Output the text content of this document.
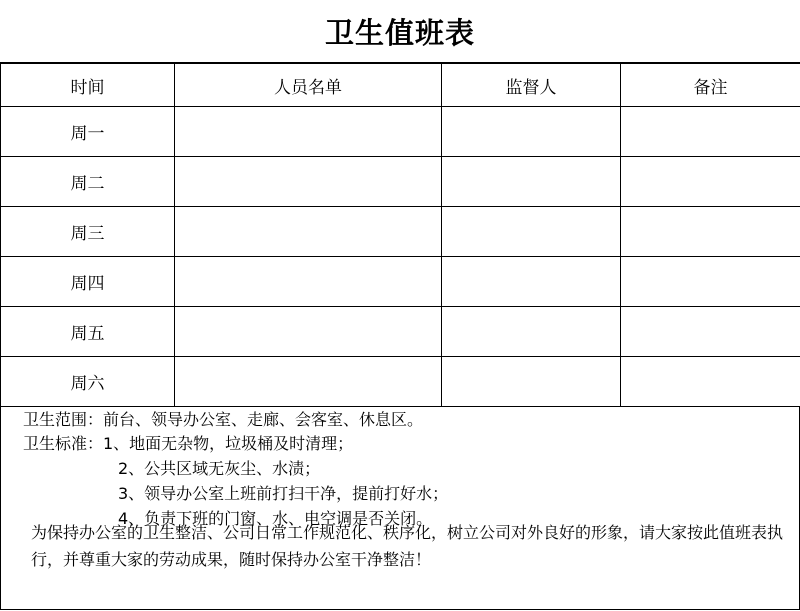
卫生值班表
时间	人员名单	监督人	备注
周一			
周二			
周三			
周四			
周五			
周六			
卫生范围：前台、领导办公室、走廊、会客室、休息区。
卫生标准：1、地面无杂物，垃圾桶及时清理；
2、公共区域无灰尘、水渍；
3、领导办公室上班前打扫干净，提前打好水；
4、负责下班的门窗、水、电空调是否关闭。
为保持办公室的卫生整洁、公司日常工作规范化、秩序化，树立公司对外良好的形象，请大家按此值班表执行，并尊重大家的劳动成果，随时保持办公室干净整洁！
